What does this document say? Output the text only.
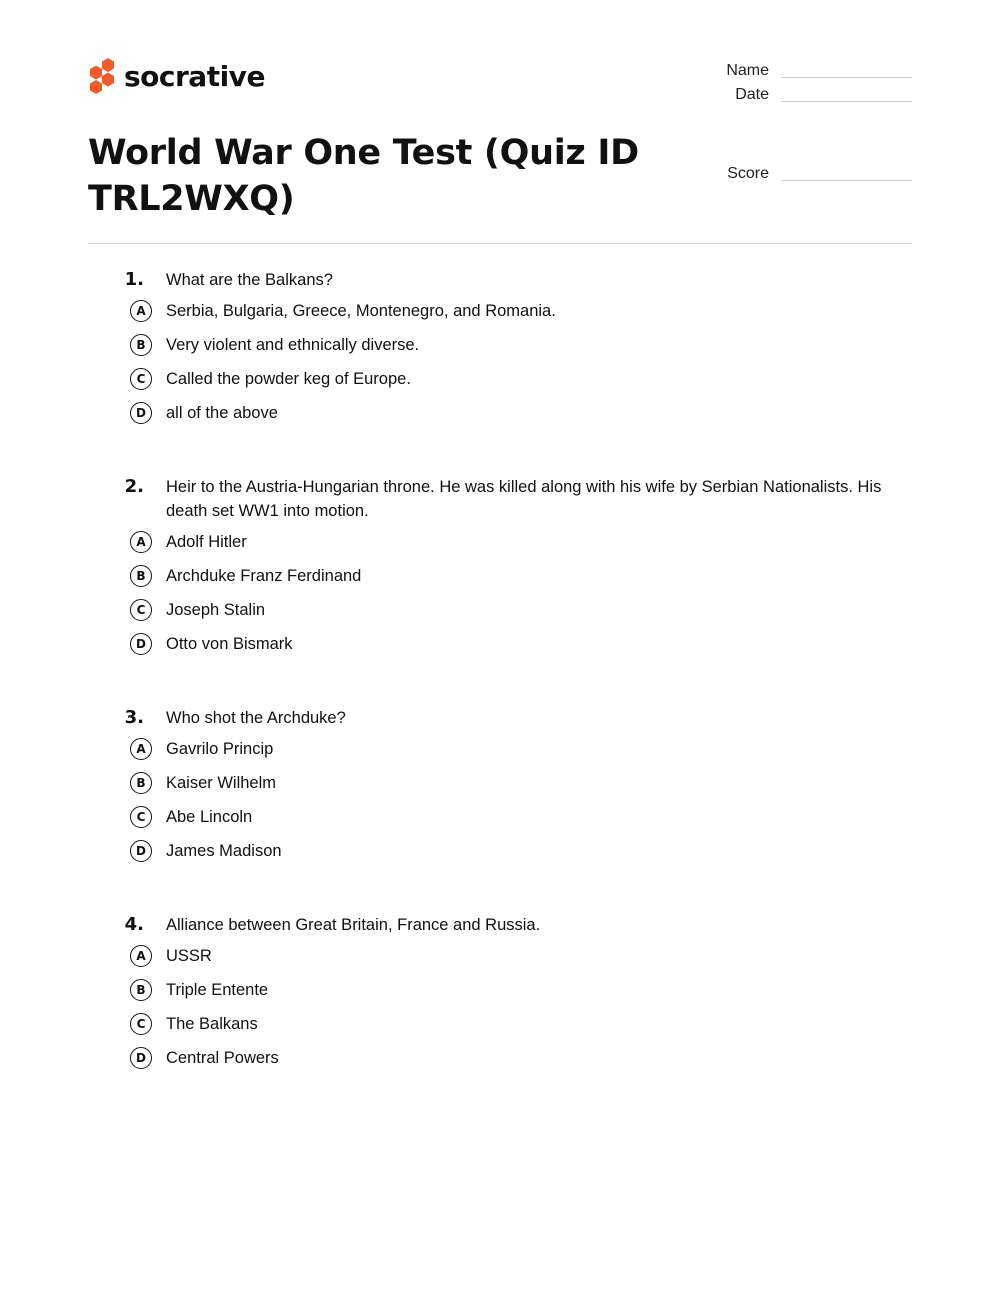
socrative	Name
Date
Score
World War One Test (Quiz ID TRL2WXQ)
1.	What are the Balkans?
A	Serbia, Bulgaria, Greece, Montenegro, and Romania.
B	Very violent and ethnically diverse.
C	Called the powder keg of Europe.
D	all of the above
2.	Heir to the Austria-Hungarian throne. He was killed along with his wife by Serbian Nationalists. His death set WW1 into motion.
A	Adolf Hitler
B	Archduke Franz Ferdinand
C	Joseph Stalin
D	Otto von Bismark
3.	Who shot the Archduke?
A	Gavrilo Princip
B	Kaiser Wilhelm
C	Abe Lincoln
D	James Madison
4.	Alliance between Great Britain, France and Russia.
A	USSR
B	Triple Entente
C	The Balkans
D	Central Powers
